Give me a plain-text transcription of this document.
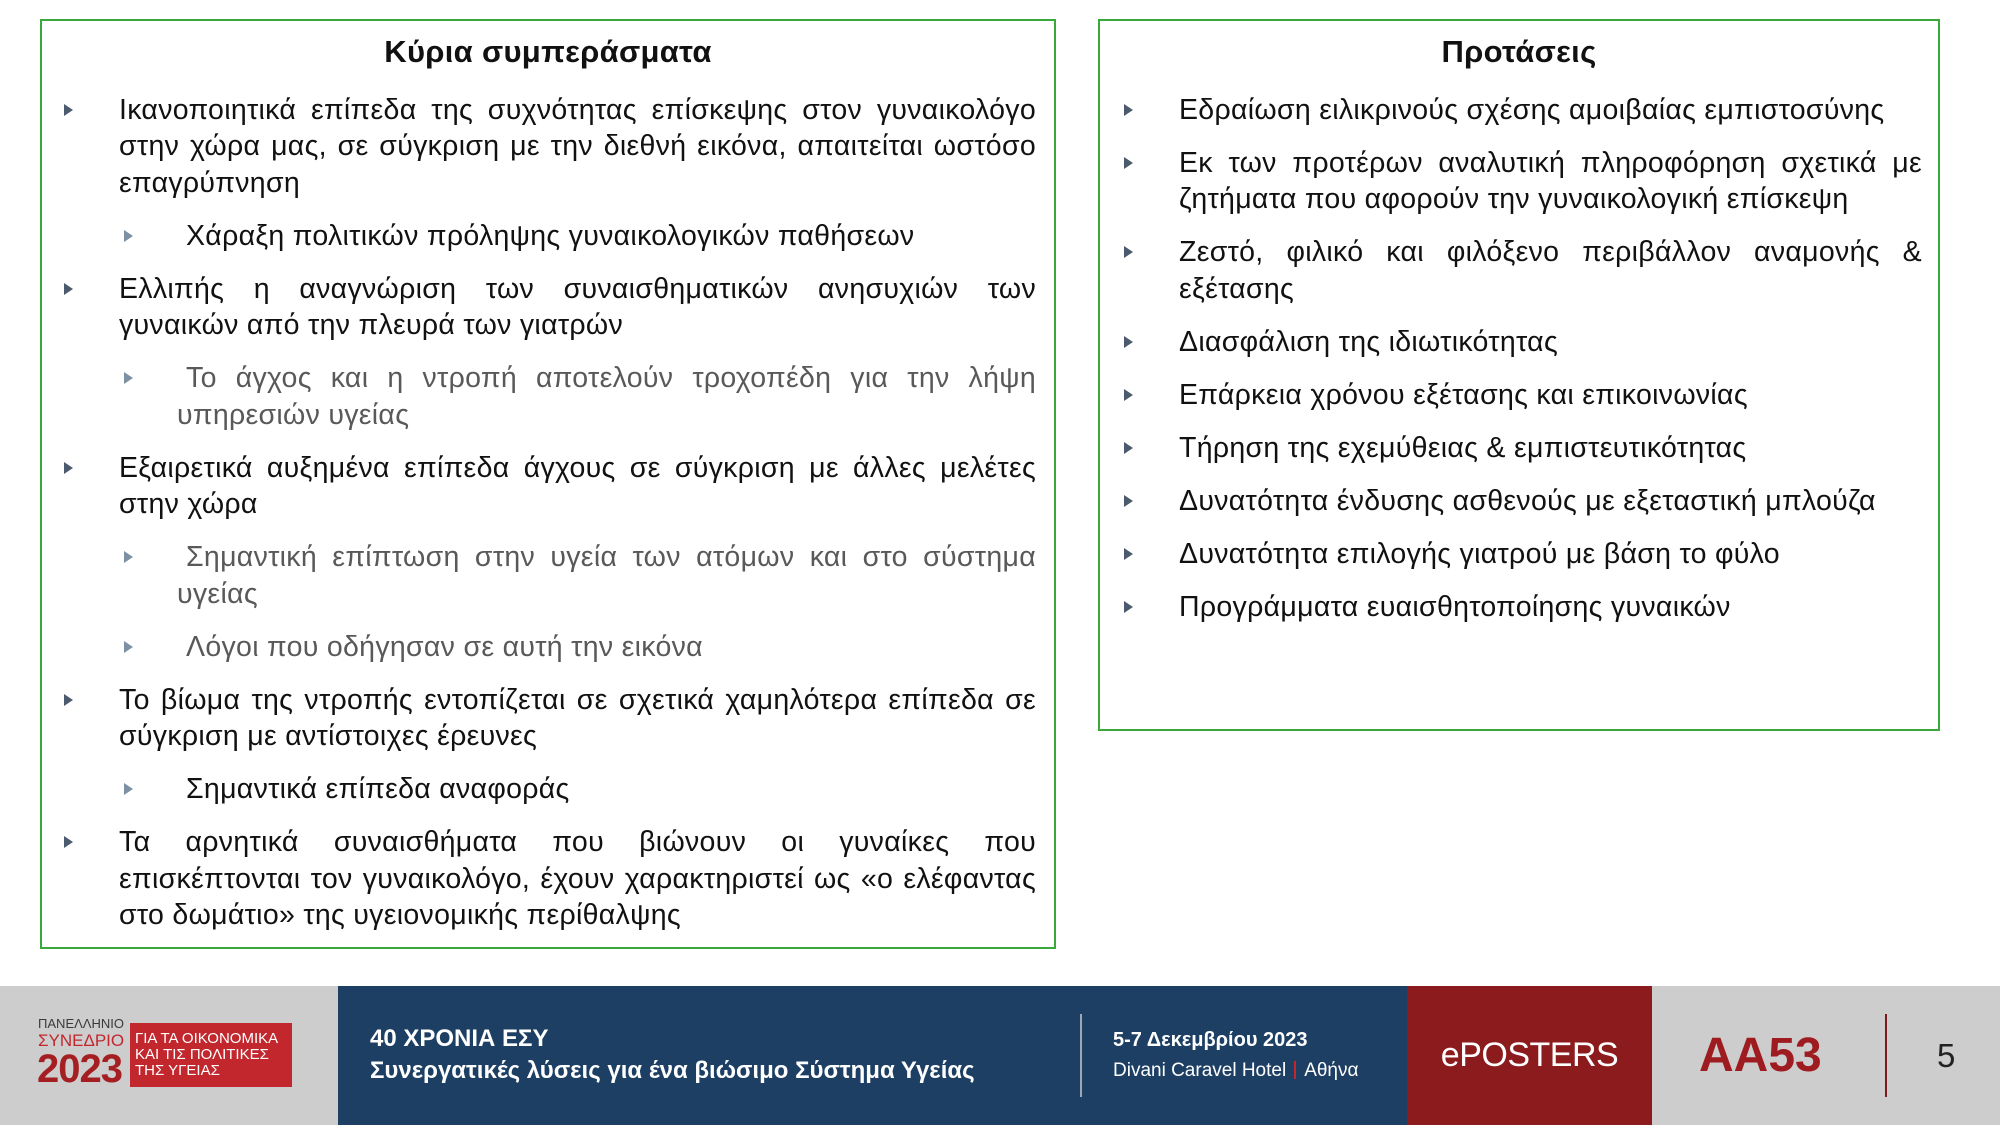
Κύρια συμπεράσματα
Ικανοποιητικά επίπεδα της συχνότητας επίσκεψης στον γυναικολόγο στην χώρα μας, σε σύγκριση με την διεθνή εικόνα, απαιτείται ωστόσο επαγρύπνηση
Χάραξη πολιτικών πρόληψης γυναικολογικών παθήσεων
Ελλιπής η αναγνώριση των συναισθηματικών ανησυχιών των γυναικών από την πλευρά των γιατρών
Το άγχος και η ντροπή αποτελούν τροχοπέδη για την λήψη υπηρεσιών υγείας
Εξαιρετικά αυξημένα επίπεδα άγχους σε σύγκριση με άλλες μελέτες στην χώρα
Σημαντική επίπτωση στην υγεία των ατόμων και στο σύστημα υγείας
Λόγοι που οδήγησαν σε αυτή την εικόνα
Το βίωμα της ντροπής εντοπίζεται σε σχετικά χαμηλότερα επίπεδα σε σύγκριση με αντίστοιχες έρευνες
Σημαντικά επίπεδα αναφοράς
Τα αρνητικά συναισθήματα που βιώνουν οι γυναίκες που επισκέπτονται τον γυναικολόγο, έχουν χαρακτηριστεί ως «ο ελέφαντας στο δωμάτιο» της υγειονομικής περίθαλψης
Προτάσεις
Εδραίωση ειλικρινούς σχέσης αμοιβαίας εμπιστοσύνης
Εκ των προτέρων αναλυτική πληροφόρηση σχετικά με ζητήματα που αφορούν την γυναικολογική επίσκεψη
Ζεστό, φιλικό και φιλόξενο περιβάλλον αναμονής & εξέτασης
Διασφάλιση της ιδιωτικότητας
Επάρκεια χρόνου εξέτασης και επικοινωνίας
Τήρηση της εχεμύθειας & εμπιστευτικότητας
Δυνατότητα ένδυσης ασθενούς με εξεταστική μπλούζα
Δυνατότητα επιλογής γιατρού με βάση το φύλο
Προγράμματα ευαισθητοποίησης γυναικών
ΠΑΝΕΛΛΗΝΙΟ
ΣΥΝΕΔΡΙΟ
2023
ΓΙΑ ΤΑ ΟΙΚΟΝΟΜΙΚΑ
ΚΑΙ ΤΙΣ ΠΟΛΙΤΙΚΕΣ
ΤΗΣ ΥΓΕΙΑΣ
40 ΧΡΟΝΙΑ ΕΣΥ
Συνεργατικές λύσεις για ένα βιώσιμο Σύστημα Υγείας
5-7 Δεκεμβρίου 2023
Divani Caravel Hotel Αθήνα	ePOSTERS	AA53	5
